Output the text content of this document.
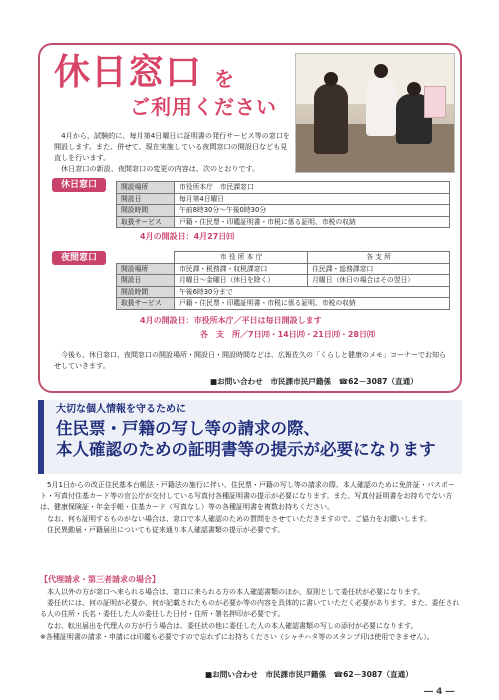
休日窓口 を
ご利用ください

4月から、試験的に、毎月第4日曜日に証明書の発行サービス等の窓口を開設します。また、併せて、現在実施している夜間窓口の開設日なども見直しを行います。

休日窓口の新設、夜間窓口の変更の内容は、次のとおりです。

休日窓口	開設場所	市役所本庁　市民課窓口
開設日	毎月第4日曜日
開設時間	午前8時30分～午後0時30分
取扱サービス	戸籍・住民票・印鑑証明書・市税に係る証明、市税の収納
4月の開設日：4月27日㈰
夜間窓口
		市 役 所 本 庁	各 支 所
開設場所	市民課・税務課・収税課窓口	住民課・総務課窓口
開設日	月曜日～金曜日（休日を除く）	月曜日（休日の場合はその翌日）
開設時間	午後6時30分まで	
取扱サービス	戸籍・住民票・印鑑証明書・市税に係る証明、市税の収納	
4月の開設日：市役所本庁／平日は毎日開設します
各　支　所／7日㈪・14日㈪・21日㈪・28日㈪
今後も、休日窓口、夜間窓口の開設場所・開設日・開設時間などは、広報佐久の「くらしと健康のメモ」コーナーでお知らせしていきます。
■お問い合わせ　市民課市民戸籍係　☎62－3087（直通）
大切な個人情報を守るために
住民票・戸籍の写し等の請求の際、
本人確認のための証明書等の提示が必要になります

5月1日からの改正住民基本台帳法・戸籍法の施行に伴い、住民票・戸籍の写し等の請求の際、本人確認のために免許証・パスポート・写真付住基カード等の官公庁が交付している写真付各種証明書の提示が必要になります。また、写真付証明書をお持ちでない方は、健康保険証・年金手帳・住基カード（写真なし）等の各種証明書を複数お持ちください。

なお、何も証明するものがない場合は、窓口で本人確認のための質問をさせていただきますので、ご協力をお願いします。

住民異動届・戸籍届出についても従来通り本人確認書類の提示が必要です。

【代理請求・第三者請求の場合】

本人以外の方が窓口へ来られる場合は、窓口に来られる方の本人確認書類のほか、原則として委任状が必要になります。

委任状には、何の証明が必要か、何が記載されたものが必要か等の内容を具体的に書いていただく必要があります。また、委任される人の住所・氏名・委任した人の委任した日付・住所・署名押印が必要です。

なお、転出届出を代理人の方が行う場合は、委任状の他に委任した人の本人確認書類の写しの添付が必要になります。

※各種証明書の請求・申請には印鑑も必要ですので忘れずにお持ちください（シャチハタ等のスタンプ印は使用できません）。

■お問い合わせ　市民課市民戸籍係　☎62－3087（直通）
― 4 ―
